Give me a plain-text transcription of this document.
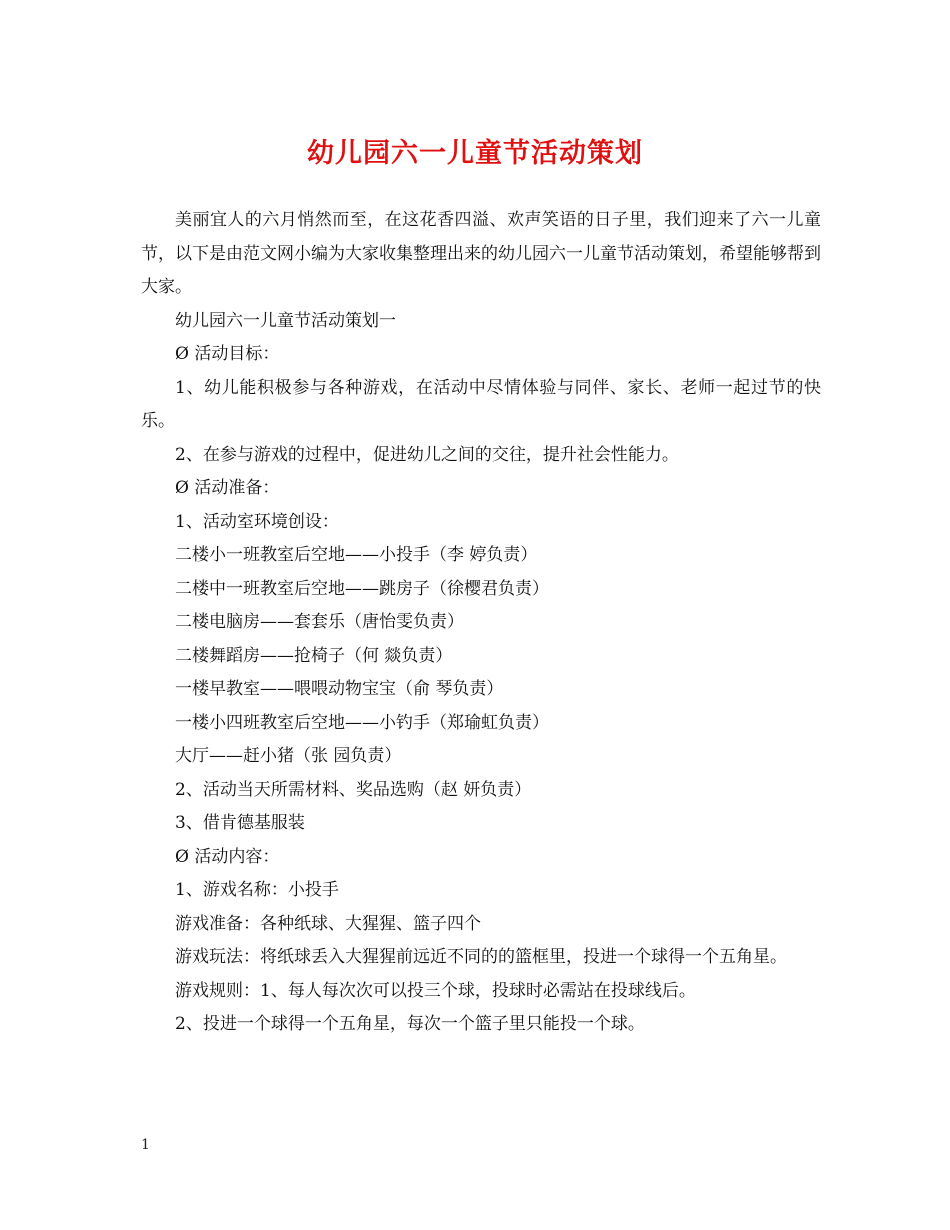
幼儿园六一儿童节活动策划

美丽宜人的六月悄然而至，在这花香四溢、欢声笑语的日子里，我们迎来了六一儿童节，以下是由范文网小编为大家收集整理出来的幼儿园六一儿童节活动策划，希望能够帮到大家。

幼儿园六一儿童节活动策划一

Ø 活动目标：

1、幼儿能积极参与各种游戏，在活动中尽情体验与同伴、家长、老师一起过节的快乐。

2、在参与游戏的过程中，促进幼儿之间的交往，提升社会性能力。

Ø 活动准备：

1、活动室环境创设：

二楼小一班教室后空地——小投手（李 婷负责）

二楼中一班教室后空地——跳房子（徐樱君负责）

二楼电脑房——套套乐（唐怡雯负责）

二楼舞蹈房——抢椅子（何 燚负责）

一楼早教室——喂喂动物宝宝（俞 琴负责）

一楼小四班教室后空地——小钓手（郑瑜虹负责）

大厅——赶小猪（张 园负责）

2、活动当天所需材料、奖品选购（赵 妍负责）

3、借肯德基服装

Ø 活动内容：

1、游戏名称：小投手

游戏准备：各种纸球、大猩猩、篮子四个

游戏玩法：将纸球丢入大猩猩前远近不同的的篮框里，投进一个球得一个五角星。

游戏规则：1、每人每次次可以投三个球，投球时必需站在投球线后。

2、投进一个球得一个五角星，每次一个篮子里只能投一个球。

1
